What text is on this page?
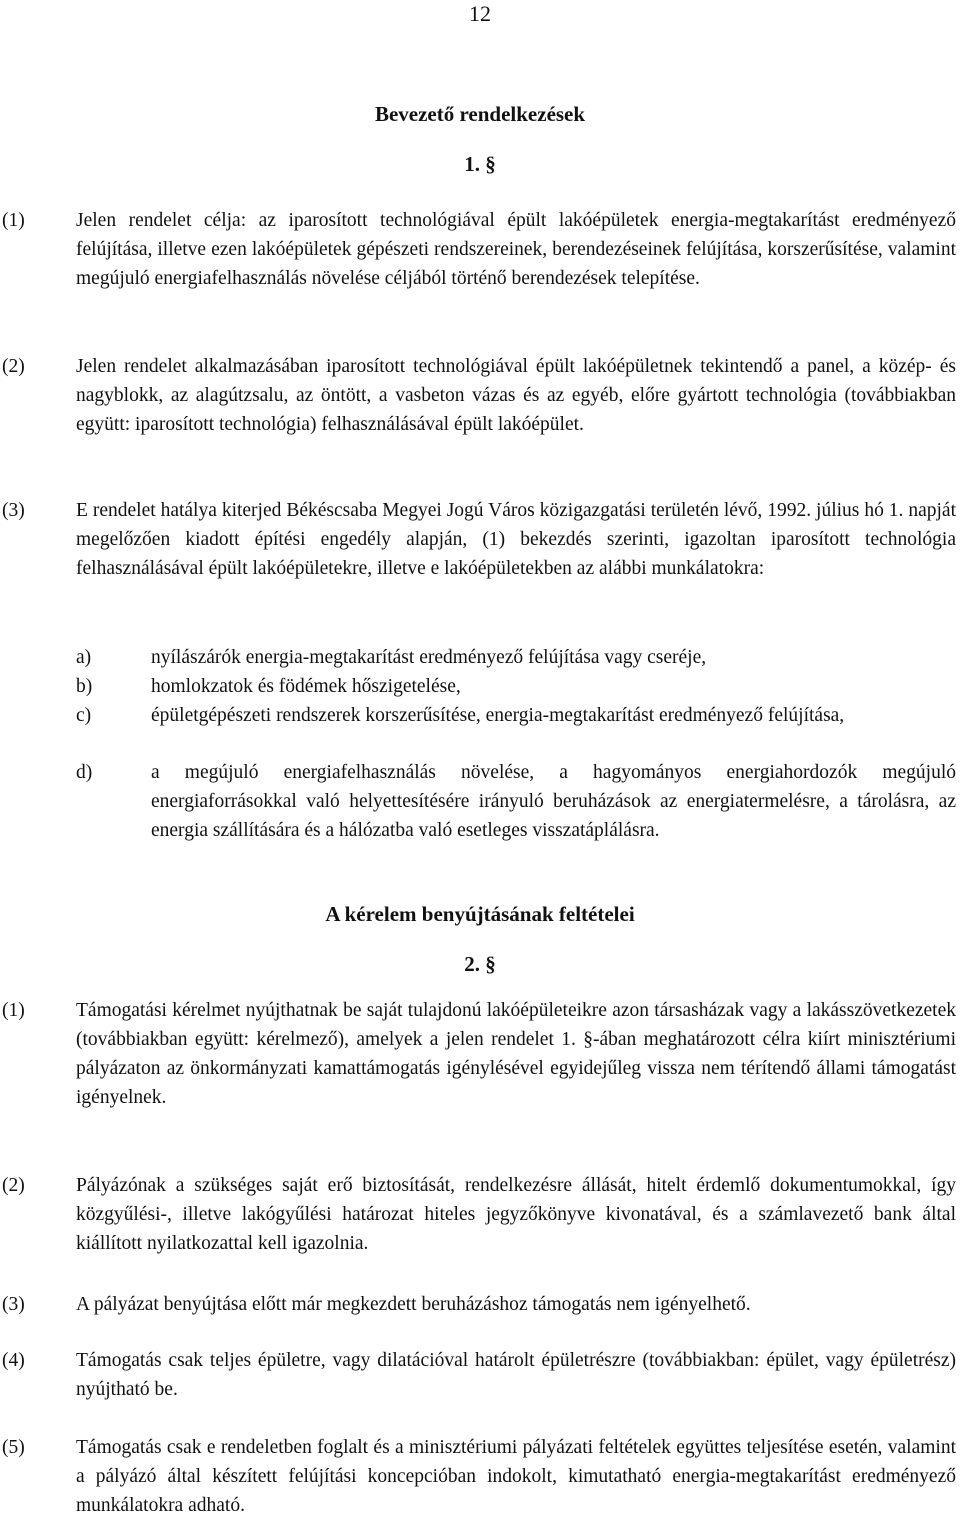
12
Bevezető rendelkezések
1. §
(1)	Jelen rendelet célja: az iparosított technológiával épült lakóépületek energia-megtakarítást eredményező felújítása, illetve ezen lakóépületek gépészeti rendszereinek, berendezéseinek felújítása, korszerűsítése, valamint megújuló energiafelhasználás növelése céljából történő berendezések telepítése.
(2)	Jelen rendelet alkalmazásában iparosított technológiával épült lakóépületnek tekintendő a panel, a közép- és nagyblokk, az alagútzsalu, az öntött, a vasbeton vázas és az egyéb, előre gyártott technológia (továbbiakban együtt: iparosított technológia) felhasználásával épült lakóépület.
(3)	E rendelet hatálya kiterjed Békéscsaba Megyei Jogú Város közigazgatási területén lévő, 1992. július hó 1. napját megelőzően kiadott építési engedély alapján, (1) bekezdés szerinti, igazoltan iparosított technológia felhasználásával épült lakóépületekre, illetve e lakóépületekben az alábbi munkálatokra:
a)	nyílászárók energia-megtakarítást eredményező felújítása vagy cseréje,
b)	homlokzatok és födémek hőszigetelése,
c)	épületgépészeti rendszerek korszerűsítése, energia-megtakarítást eredményező felújítása,
d)	a megújuló energiafelhasználás növelése, a hagyományos energiahordozók megújuló energiaforrásokkal való helyettesítésére irányuló beruházások az energiatermelésre, a tárolásra, az energia szállítására és a hálózatba való esetleges visszatáplálásra.
A kérelem benyújtásának feltételei
2. §
(1)	Támogatási kérelmet nyújthatnak be saját tulajdonú lakóépületeikre azon társasházak vagy a lakásszövetkezetek (továbbiakban együtt: kérelmező), amelyek a jelen rendelet 1. §-ában meghatározott célra kiírt minisztériumi pályázaton az önkormányzati kamattámogatás igénylésével egyidejűleg vissza nem térítendő állami támogatást igényelnek.
(2)	Pályázónak a szükséges saját erő biztosítását, rendelkezésre állását, hitelt érdemlő dokumentumokkal, így közgyűlési-, illetve lakógyűlési határozat hiteles jegyzőkönyve kivonatával, és a számlavezető bank által kiállított nyilatkozattal kell igazolnia.
(3)	A pályázat benyújtása előtt már megkezdett beruházáshoz támogatás nem igényelhető.
(4)	Támogatás csak teljes épületre, vagy dilatációval határolt épületrészre (továbbiakban: épület, vagy épületrész) nyújtható be.
(5)	Támogatás csak e rendeletben foglalt és a minisztériumi pályázati feltételek együttes teljesítése esetén, valamint a pályázó által készített felújítási koncepcióban indokolt, kimutatható energia-megtakarítást eredményező munkálatokra adható.
